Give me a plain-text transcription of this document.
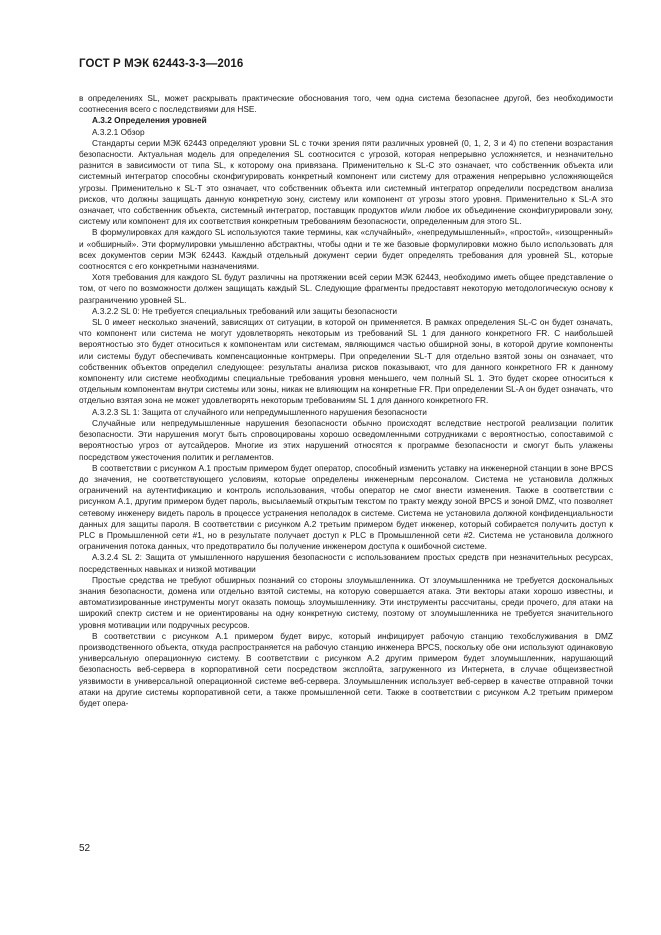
ГОСТ Р МЭК 62443-3-3—2016

в определениях SL, может раскрывать практические обоснования того, чем одна система безопаснее другой, без необходимости соотнесения всего с последствиями для HSE.

А.3.2 Определения уровней

А.3.2.1 Обзор

Стандарты серии МЭК 62443 определяют уровни SL с точки зрения пяти различных уровней (0, 1, 2, 3 и 4) по степени возрастания безопасности. Актуальная модель для определения SL соотносится с угрозой, которая непрерывно усложняется, и незначительно разнится в зависимости от типа SL, к которому она привязана. Применительно к SL-C это означает, что собственник объекта или системный интегратор способны сконфигурировать конкретный компонент или систему для отражения непрерывно усложняющейся угрозы. Применительно к SL-T это означает, что собственник объекта или системный интегратор определили посредством анализа рисков, что должны защищать данную конкретную зону, систему или компонент от угрозы этого уровня. Применительно к SL-A это означает, что собственник объекта, системный интегратор, поставщик продуктов и/или любое их объединение сконфигурировали зону, систему или компонент для их соответствия конкретным требованиям безопасности, определенным для этого SL.

В формулировках для каждого SL используются такие термины, как «случайный», «непредумышленный», «простой», «изощренный» и «обширный». Эти формулировки умышленно абстрактны, чтобы одни и те же базовые формулировки можно было использовать для всех документов серии МЭК 62443. Каждый отдельный документ серии будет определять требования для уровней SL, которые соотносятся с его конкретными назначениями.

Хотя требования для каждого SL будут различны на протяжении всей серии МЭК 62443, необходимо иметь общее представление о том, от чего по возможности должен защищать каждый SL. Следующие фрагменты предоставят некоторую методологическую основу к разграничению уровней SL.

А.3.2.2 SL 0: Не требуется специальных требований или защиты безопасности

SL 0 имеет несколько значений, зависящих от ситуации, в которой он применяется. В рамках определения SL-C он будет означать, что компонент или система не могут удовлетворять некоторым из требований SL 1 для данного конкретного FR. С наибольшей вероятностью это будет относиться к компонентам или системам, являющимся частью обширной зоны, в которой другие компоненты или системы будут обеспечивать компенсационные контрмеры. При определении SL-T для отдельно взятой зоны он означает, что собственник объектов определил следующее: результаты анализа рисков показывают, что для данного конкретного FR к данному компоненту или системе необходимы специальные требования уровня меньшего, чем полный SL 1. Это будет скорее относиться к отдельным компонентам внутри системы или зоны, никак не влияющим на конкретные FR. При определении SL-A он будет означать, что отдельно взятая зона не может удовлетворять некоторым требованиям SL 1 для данного конкретного FR.

А.3.2.3 SL 1: Защита от случайного или непредумышленного нарушения безопасности

Случайные или непредумышленные нарушения безопасности обычно происходят вследствие нестрогой реализации политик безопасности. Эти нарушения могут быть спровоцированы хорошо осведомленными сотрудниками с вероятностью, сопоставимой с вероятностью угроз от аутсайдеров. Многие из этих нарушений относятся к программе безопасности и смогут быть улажены посредством ужесточения политик и регламентов.

В соответствии с рисунком А.1 простым примером будет оператор, способный изменить уставку на инженерной станции в зоне BPCS до значения, не соответствующего условиям, которые определены инженерным персоналом. Система не установила должных ограничений на аутентификацию и контроль использования, чтобы оператор не смог внести изменения. Также в соответствии с рисунком А.1, другим примером будет пароль, высылаемый открытым текстом по тракту между зоной BPCS и зоной DMZ, что позволяет сетевому инженеру видеть пароль в процессе устранения неполадок в системе. Система не установила должной конфиденциальности данных для защиты пароля. В соответствии с рисунком А.2 третьим примером будет инженер, который собирается получить доступ к PLC в Промышленной сети #1, но в результате получает доступ к PLC в Промышленной сети #2. Система не установила должного ограничения потока данных, что предотвратило бы получение инженером доступа к ошибочной системе.

А.3.2.4 SL 2: Защита от умышленного нарушения безопасности с использованием простых средств при незначительных ресурсах, посредственных навыках и низкой мотивации

Простые средства не требуют обширных познаний со стороны злоумышленника. От злоумышленника не требуется доскональных знания безопасности, домена или отдельно взятой системы, на которую совершается атака. Эти векторы атаки хорошо известны, и автоматизированные инструменты могут оказать помощь злоумышленнику. Эти инструменты рассчитаны, среди прочего, для атаки на широкий спектр систем и не ориентированы на одну конкретную систему, поэтому от злоумышленника не требуется значительного уровня мотивации или подручных ресурсов.

В соответствии с рисунком А.1 примером будет вирус, который инфицирует рабочую станцию техобслуживания в DMZ производственного объекта, откуда распространяется на рабочую станцию инженера BPCS, поскольку обе они используют одинаковую универсальную операционную систему. В соответствии с рисунком А.2 другим примером будет злоумышленник, нарушающий безопасность веб-сервера в корпоративной сети посредством эксплойта, загруженного из Интернета, в случае общеизвестной уязвимости в универсальной операционной системе веб-сервера. Злоумышленник использует веб-сервер в качестве отправной точки атаки на другие системы корпоративной сети, а также промышленной сети. Также в соответствии с рисунком А.2 третьим примером будет опера-

52
